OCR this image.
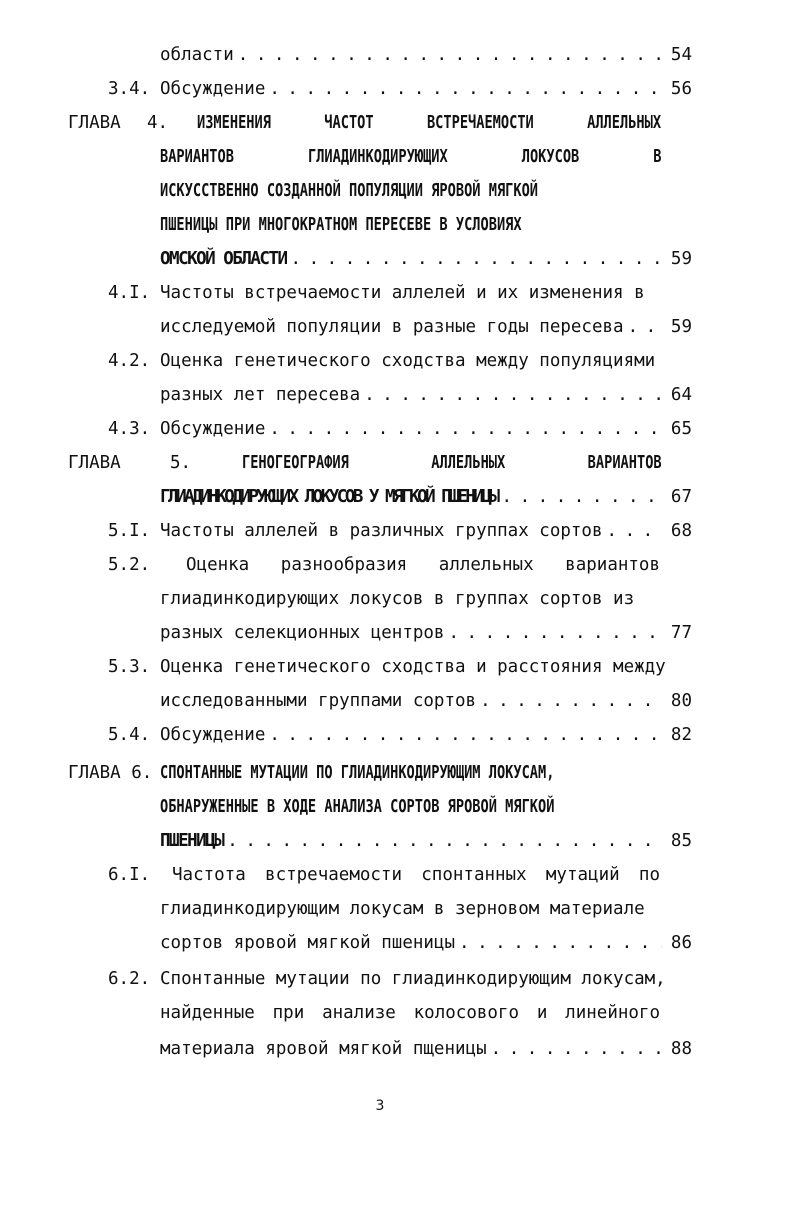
области . . .	54
3.4. Обсуждение . . .	56
ГЛАВА 4. ИЗМЕНЕНИЯ	ЧАСТОТ	ВСТРЕЧАЕМОСТИ	АЛЛЕЛЬНЫХ
ВАРИАНТОВ	ГЛИАДИНКОДИРУЮЩИХ	ЛОКУСОВ	В
ИСКУССТВЕННО СОЗДАННОЙ ПОПУЛЯЦИИ ЯРОВОЙ МЯГКОЙ
ПШЕНИЦЫ ПРИ МНОГОКРАТНОМ ПЕРЕСЕВЕ В УСЛОВИЯХ
ОМСКОЙ ОБЛАСТИ . . .	59
4.I. Частоты встречаемости аллелей и их изменения в
исследуемой популяции в разные годы пересева . . .	59
4.2. Оценка генетического сходства между популяциями
разных лет пересева . . .	64
4.3. Обсуждение . . .	65
ГЛАВА	5.	ГЕНОГЕОГРАФИЯ	АЛЛЕЛЬНЫХ	ВАРИАНТОВ
ГЛИАДИНКОДИРУЮЩИХ ЛОКУСОВ У МЯГКОЙ ПШЕНИЦЫ . . .	67
5.I. Частоты аллелей в различных группах сортов . . .	68
5.2. Оценка разнообразия аллельных вариантов
глиадинкодирующих локусов в группах сортов из
разных селекционных центров . . .	77
5.3. Оценка генетического сходства и расстояния между
исследованными группами сортов . . .	80
5.4. Обсуждение . . .	82
ГЛАВА 6. СПОНТАННЫЕ МУТАЦИИ ПО ГЛИАДИНКОДИРУЮЩИМ ЛОКУСАМ,
ОБНАРУЖЕННЫЕ В ХОДЕ АНАЛИЗА СОРТОВ ЯРОВОЙ МЯГКОЙ
ПШЕНИЦЫ . . .	85
6.I. Частота встречаемости спонтанных мутаций по
глиадинкодирующим локусам в зерновом материале
сортов яровой мягкой пшеницы . . .	86
6.2. Спонтанные мутации по глиадинкодирующим локусам,
найденные при анализе колосового и линейного
материала яровой мягкой пщеницы . . .	88
3
